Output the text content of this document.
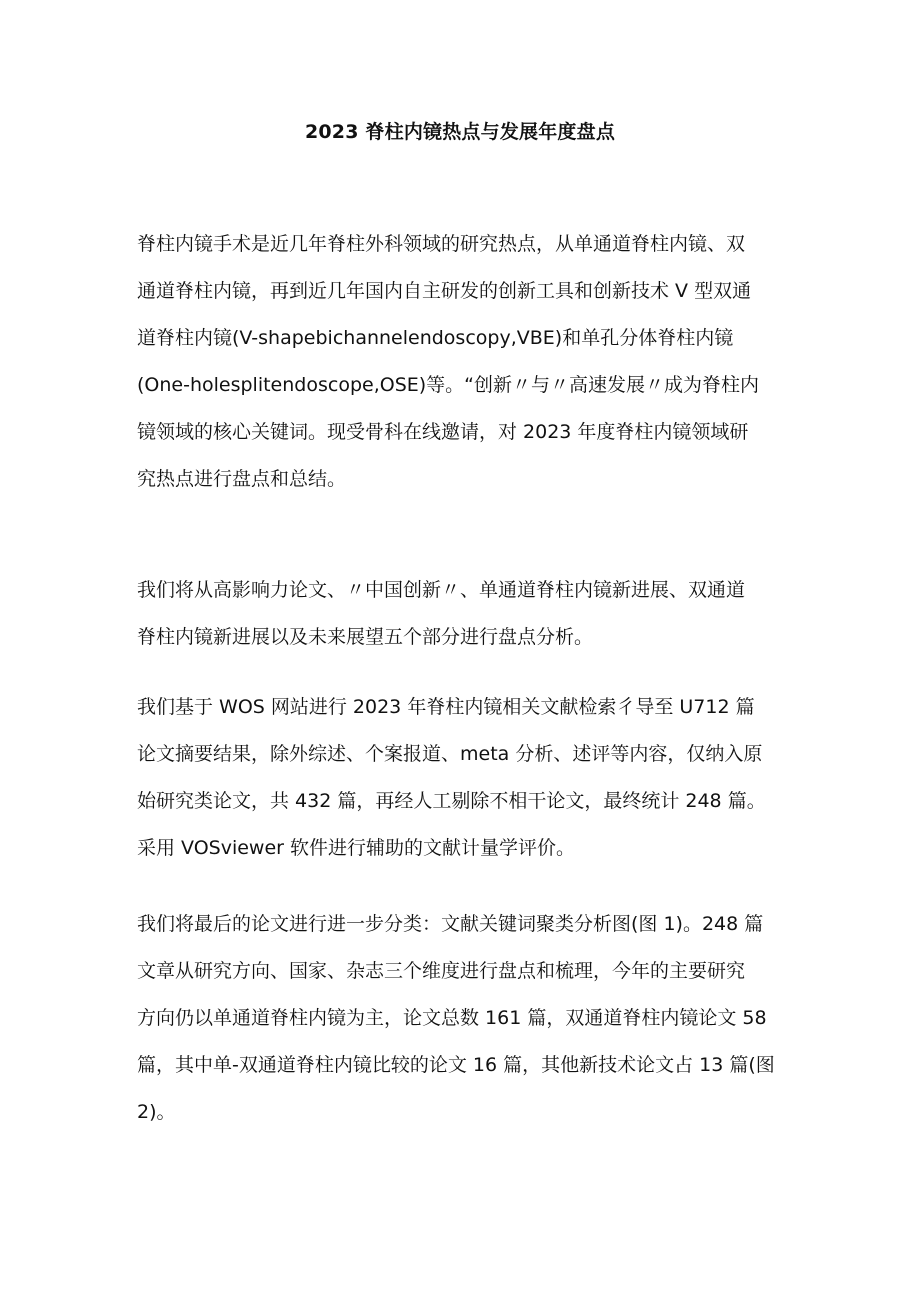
2023 脊柱内镜热点与发展年度盘点
脊柱内镜手术是近几年脊柱外科领域的研究热点，从单通道脊柱内镜、双
通道脊柱内镜，再到近几年国内自主研发的创新工具和创新技术 V 型双通
道脊柱内镜(V-shapebichannelendoscopy,VBE)和单孔分体脊柱内镜
(One-holesplitendoscope,OSE)等。“创新〃与〃高速发展〃成为脊柱内
镜领域的核心关键词。现受骨科在线邀请，对 2023 年度脊柱内镜领域研
究热点进行盘点和总结。
我们将从高影响力论文、〃中国创新〃、单通道脊柱内镜新进展、双通道
脊柱内镜新进展以及未来展望五个部分进行盘点分析。
我们基于 WOS 网站进行 2023 年脊柱内镜相关文献检索彳导至 U712 篇
论文摘要结果，除外综述、个案报道、meta 分析、述评等内容，仅纳入原
始研究类论文，共 432 篇，再经人工剔除不相干论文，最终统计 248 篇。
采用 VOSviewer 软件进行辅助的文献计量学评价。
我们将最后的论文进行进一步分类：文献关键词聚类分析图(图 1)。248 篇
文章从研究方向、国家、杂志三个维度进行盘点和梳理，今年的主要研究
方向仍以单通道脊柱内镜为主，论文总数 161 篇，双通道脊柱内镜论文 58
篇，其中单-双通道脊柱内镜比较的论文 16 篇，其他新技术论文占 13 篇(图
2)。
